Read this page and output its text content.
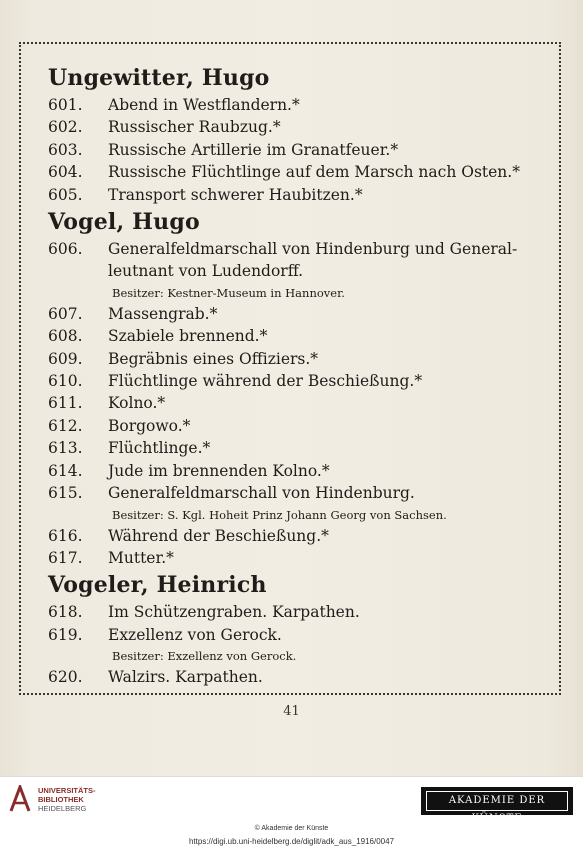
Ungewitter, Hugo
601.	Abend in Westflandern.*
602.	Russischer Raubzug.*
603.	Russische Artillerie im Granatfeuer.*
604.	Russische Flüchtlinge auf dem Marsch nach Osten.*
605.	Transport schwerer Haubitzen.*
Vogel, Hugo
606.	Generalfeldmarschall von Hindenburg und General-
leutnant von Ludendorff.
Besitzer: Kestner-Museum in Hannover.
607.	Massengrab.*
608.	Szabiele brennend.*
609.	Begräbnis eines Offiziers.*
610.	Flüchtlinge während der Beschießung.*
611.	Kolno.*
612.	Borgowo.*
613.	Flüchtlinge.*
614.	Jude im brennenden Kolno.*
615.	Generalfeldmarschall von Hindenburg.
Besitzer: S. Kgl. Hoheit Prinz Johann Georg von Sachsen.
616.	Während der Beschießung.*
617.	Mutter.*
Vogeler, Heinrich
618.	Im Schützengraben. Karpathen.
619.	Exzellenz von Gerock.
Besitzer: Exzellenz von Gerock.
620.	Walzirs. Karpathen.
41
UNIVERSITÄTS-
BIBLIOTHEK
HEIDELBERG
AKADEMIE DER KÜNSTE
© Akademie der Künste
https://digi.ub.uni-heidelberg.de/diglit/adk_aus_1916/0047
